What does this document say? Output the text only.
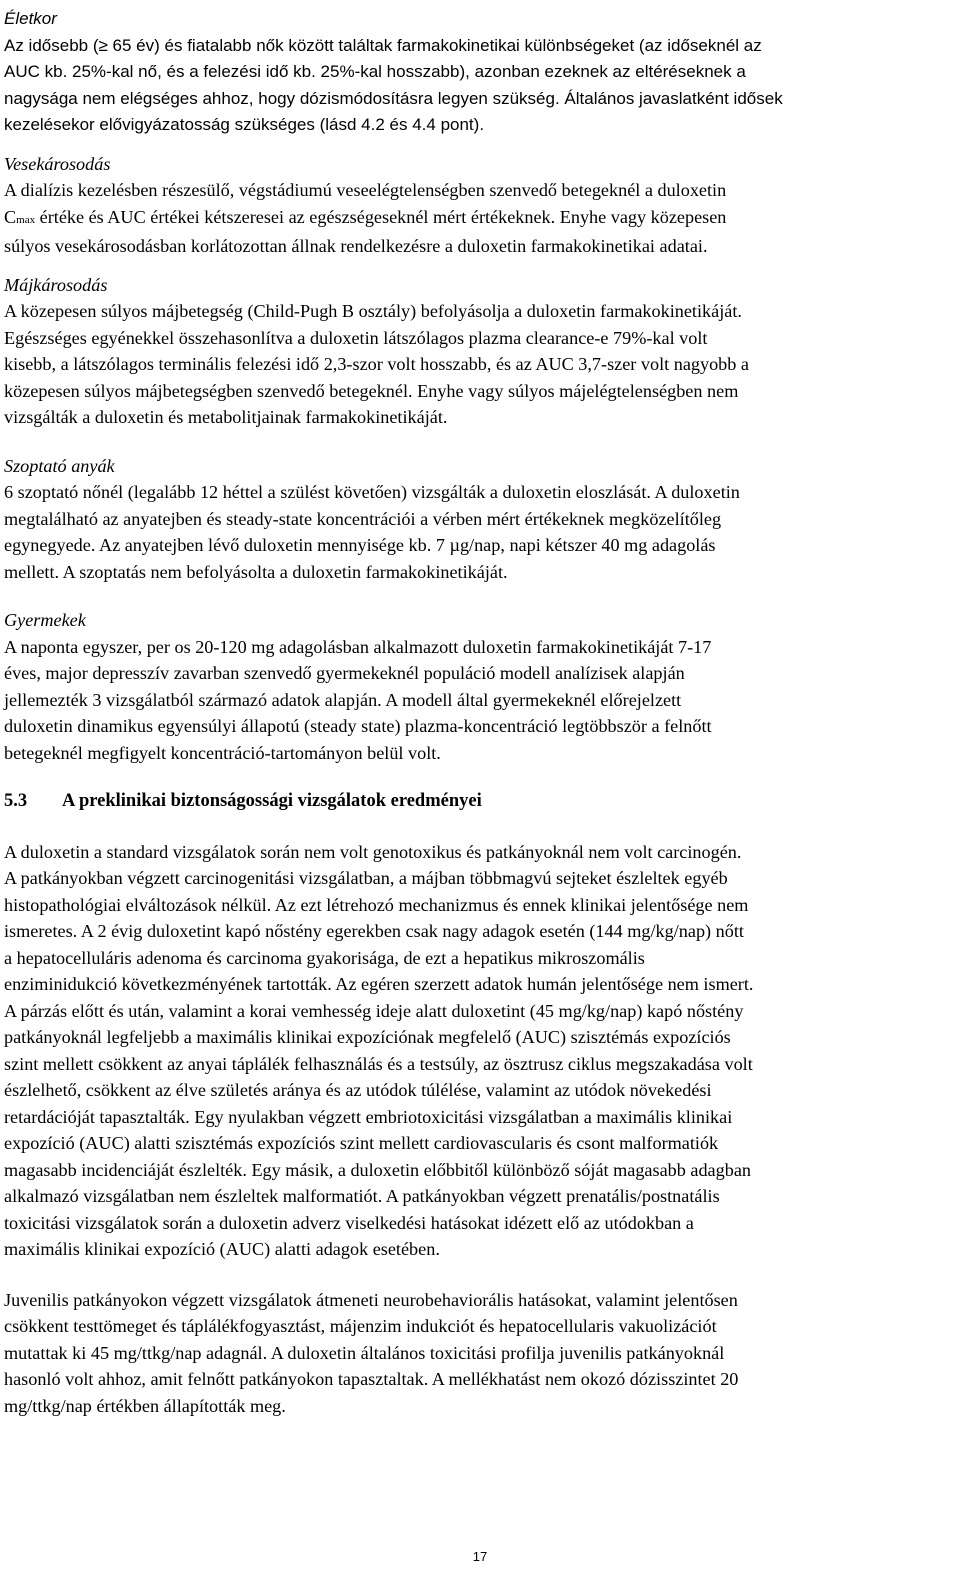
Életkor

Az idősebb (≥ 65 év) és fiatalabb nők között találtak farmakokinetikai különbségeket (az időseknél az

AUC kb. 25%-kal nő, és a felezési idő kb. 25%-kal hosszabb), azonban ezeknek az eltéréseknek a

nagysága nem elégséges ahhoz, hogy dózismódosításra legyen szükség. Általános javaslatként idősek

kezelésekor elővigyázatosság szükséges (lásd 4.2 és 4.4 pont).

Vesekárosodás

A dialízis kezelésben részesülő, végstádiumú veseelégtelenségben szenvedő betegeknél a duloxetin

Cmax értéke és AUC értékei kétszeresei az egészségeseknél mért értékeknek. Enyhe vagy közepesen

súlyos vesekárosodásban korlátozottan állnak rendelkezésre a duloxetin farmakokinetikai adatai.

Májkárosodás

A közepesen súlyos májbetegség (Child-Pugh B osztály) befolyásolja a duloxetin farmakokinetikáját.

Egészséges egyénekkel összehasonlítva a duloxetin látszólagos plazma clearance-e 79%-kal volt

kisebb, a látszólagos terminális felezési idő 2,3-szor volt hosszabb, és az AUC 3,7-szer volt nagyobb a

közepesen súlyos májbetegségben szenvedő betegeknél. Enyhe vagy súlyos májelégtelenségben nem

vizsgálták a duloxetin és metabolitjainak farmakokinetikáját.

Szoptató anyák

6 szoptató nőnél (legalább 12 héttel a szülést követően) vizsgálták a duloxetin eloszlását. A duloxetin

megtalálható az anyatejben és steady-state koncentrációi a vérben mért értékeknek megközelítőleg

egynegyede. Az anyatejben lévő duloxetin mennyisége kb. 7 µg/nap, napi kétszer 40 mg adagolás

mellett. A szoptatás nem befolyásolta a duloxetin farmakokinetikáját.

Gyermekek

A naponta egyszer, per os 20-120 mg adagolásban alkalmazott duloxetin farmakokinetikáját 7-17

éves, major depresszív zavarban szenvedő gyermekeknél populáció modell analízisek alapján

jellemezték 3 vizsgálatból származó adatok alapján. A modell által gyermekeknél előrejelzett

duloxetin dinamikus egyensúlyi állapotú (steady state) plazma-koncentráció legtöbbször a felnőtt

betegeknél megfigyelt koncentráció-tartományon belül volt.

5.3	A preklinikai biztonságossági vizsgálatok eredményei

A duloxetin a standard vizsgálatok során nem volt genotoxikus és patkányoknál nem volt carcinogén.

A patkányokban végzett carcinogenitási vizsgálatban, a májban többmagvú sejteket észleltek egyéb

histopathológiai elváltozások nélkül. Az ezt létrehozó mechanizmus és ennek klinikai jelentősége nem

ismeretes. A 2 évig duloxetint kapó nőstény egerekben csak nagy adagok esetén (144 mg/kg/nap) nőtt

a hepatocelluláris adenoma és carcinoma gyakorisága, de ezt a hepatikus mikroszomális

enziminidukció következményének tartották. Az egéren szerzett adatok humán jelentősége nem ismert.

A párzás előtt és után, valamint a korai vemhesség ideje alatt duloxetint (45 mg/kg/nap) kapó nőstény

patkányoknál legfeljebb a maximális klinikai expozíciónak megfelelő (AUC) szisztémás expozíciós

szint mellett csökkent az anyai táplálék felhasználás és a testsúly, az ösztrusz ciklus megszakadása volt

észlelhető, csökkent az élve születés aránya és az utódok túlélése, valamint az utódok növekedési

retardációját tapasztalták. Egy nyulakban végzett embriotoxicitási vizsgálatban a maximális klinikai

expozíció (AUC) alatti szisztémás expozíciós szint mellett cardiovascularis és csont malformatiók

magasabb incidenciáját észlelték. Egy másik, a duloxetin előbbitől különböző sóját magasabb adagban

alkalmazó vizsgálatban nem észleltek malformatiót. A patkányokban végzett prenatális/postnatális

toxicitási vizsgálatok során a duloxetin adverz viselkedési hatásokat idézett elő az utódokban a

maximális klinikai expozíció (AUC) alatti adagok esetében.

Juvenilis patkányokon végzett vizsgálatok átmeneti neurobehaviorális hatásokat, valamint jelentősen

csökkent testtömeget és táplálékfogyasztást, májenzim indukciót és hepatocellularis vakuolizációt

mutattak ki 45 mg/ttkg/nap adagnál. A duloxetin általános toxicitási profilja juvenilis patkányoknál

hasonló volt ahhoz, amit felnőtt patkányokon tapasztaltak. A mellékhatást nem okozó dózisszintet 20

mg/ttkg/nap értékben állapították meg.

17
